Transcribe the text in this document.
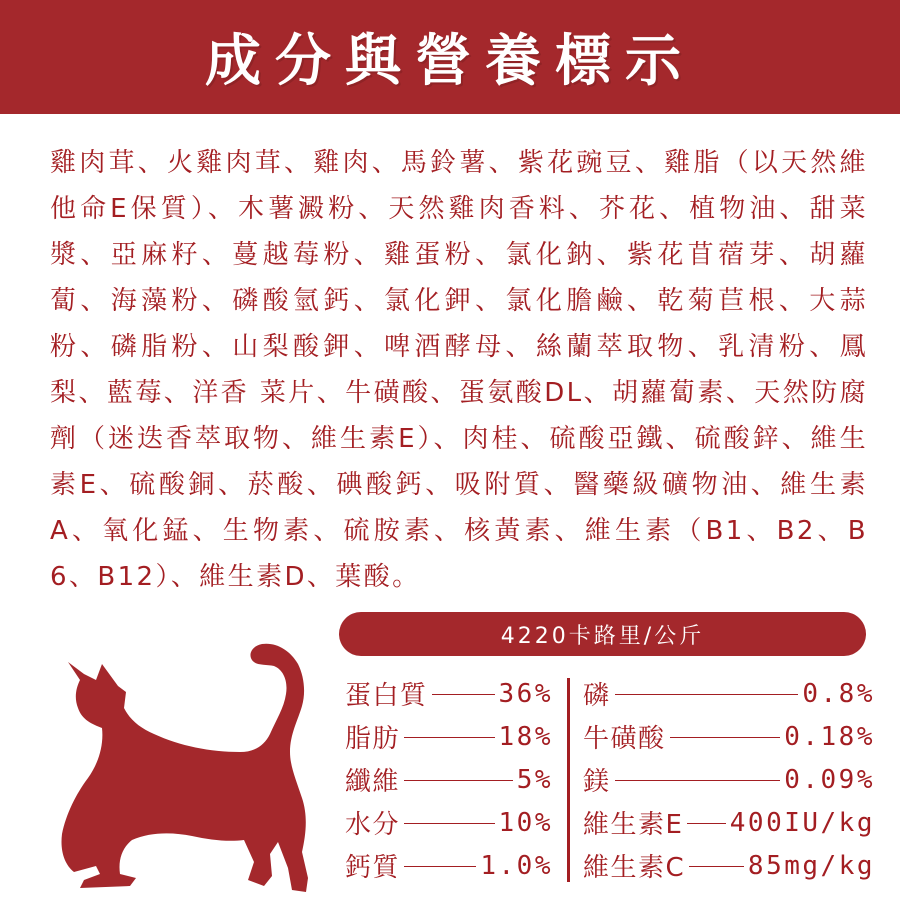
成分與營養標示
雞肉茸、火雞肉茸、雞肉、馬鈴薯、紫花豌豆、雞脂（以天然維他命E保質）、木薯澱粉、天然雞肉香料、芥花、植物油、甜菜漿、亞麻籽、蔓越莓粉、雞蛋粉、氯化鈉、紫花苜蓿芽、胡蘿蔔、海藻粉、磷酸氫鈣、氯化鉀、氯化膽鹼、乾菊苣根、大蒜粉、磷脂粉、山梨酸鉀、啤酒酵母、絲蘭萃取物、乳清粉、鳳梨、藍莓、洋香 菜片、牛磺酸、蛋氨酸DL、胡蘿蔔素、天然防腐劑（迷迭香萃取物、維生素E）、肉桂、硫酸亞鐵、硫酸鋅、維生素E、硫酸銅、菸酸、碘酸鈣、吸附質、醫藥級礦物油、維生素A、氧化錳、生物素、硫胺素、核黃素、維生素（B1、B2、B6、B12）、維生素D、葉酸。
4220卡路里/公斤
蛋白質	36%
脂肪	18%
纖維	5%
水分	10%
鈣質	1.0%
磷	0.8%
牛磺酸	0.18%
鎂	0.09%
維生素E 400IU/kg
維生素C 85mg/kg
